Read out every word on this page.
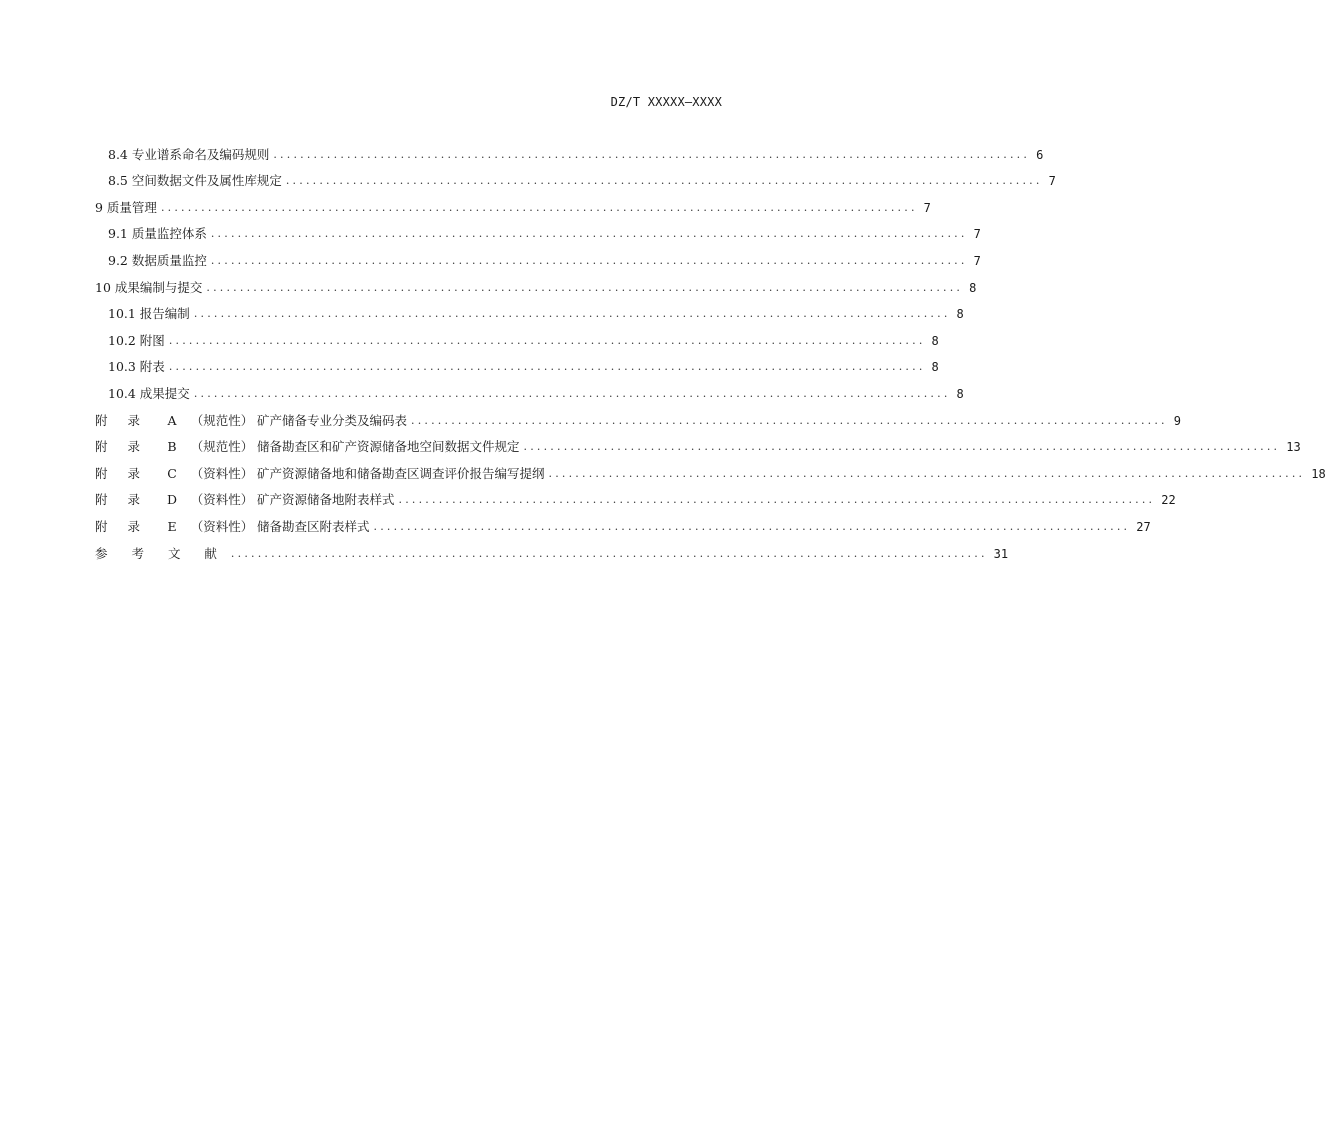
DZ/T XXXXX—XXXX
8.4 专业谱系命名及编码规则 ................................................................................................................. 6
8.5 空间数据文件及属性库规定 ................................................................................................................. 7
9 质量管理 ................................................................................................................. 7
9.1 质量监控体系 ................................................................................................................. 7
9.2 数据质量监控 ................................................................................................................. 7
10 成果编制与提交 ................................................................................................................. 8
10.1 报告编制 ................................................................................................................. 8
10.2 附图 ................................................................................................................. 8
10.3 附表 ................................................................................................................. 8
10.4 成果提交 ................................................................................................................. 8
附 录 A （规范性） 矿产储备专业分类及编码表 ................................................................................................................. 9
附 录 B （规范性） 储备勘查区和矿产资源储备地空间数据文件规定 ................................................................................................................. 13
附 录 C （资料性） 矿产资源储备地和储备勘查区调查评价报告编写提纲 ................................................................................................................. 18
附 录 D （资料性） 矿产资源储备地附表样式 ................................................................................................................. 22
附 录 E （资料性） 储备勘查区附表样式 ................................................................................................................. 27
参 考 文 献 ................................................................................................................. 31
